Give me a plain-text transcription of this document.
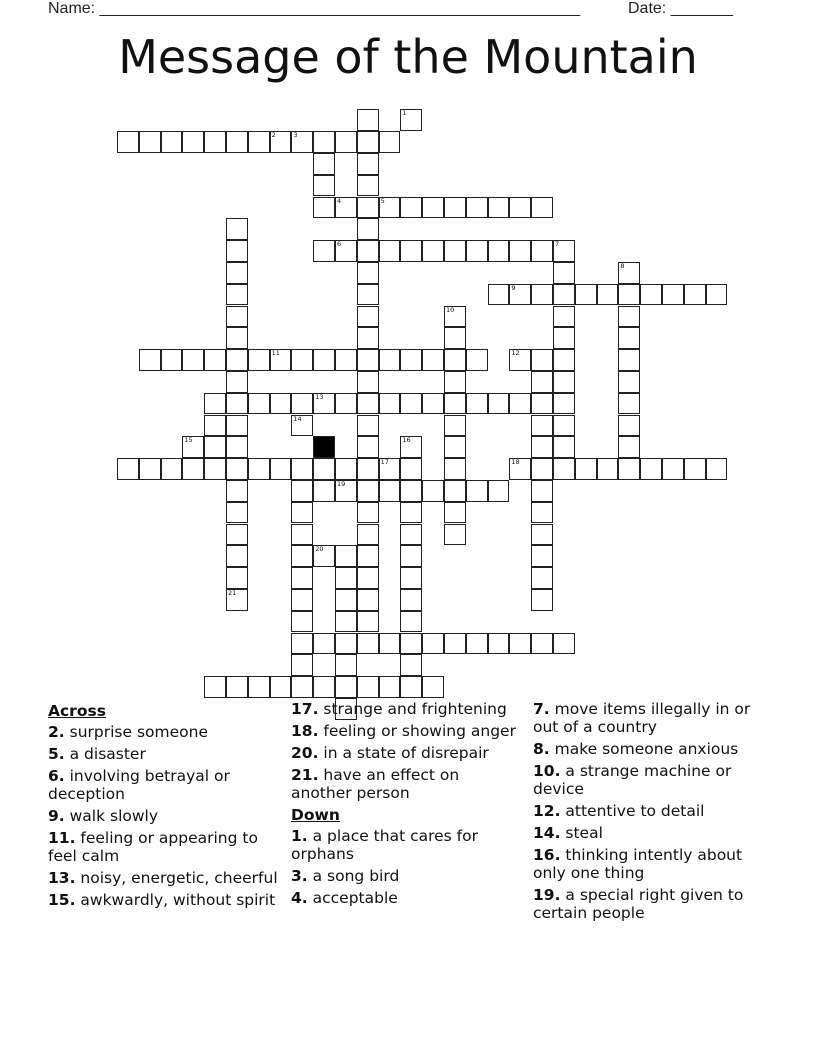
Name: ______________________________________________________	Date: _______
Message of the Mountain
2	3
5
21
6	7
8
9
10
11
13
17	18
19
1
4
12
14
15	16
20
Across
2. surprise someone
5. a disaster
6. involving betrayal or deception
9. walk slowly
11. feeling or appearing to feel calm
13. noisy, energetic, cheerful
15. awkwardly, without spirit
17. strange and frightening
18. feeling or showing anger
20. in a state of disrepair
21. have an effect on another person
Down
1. a place that cares for orphans
3. a song bird
4. acceptable
7. move items illegally in or out of a country
8. make someone anxious
10. a strange machine or device
12. attentive to detail
14. steal
16. thinking intently about only one thing
19. a special right given to certain people
